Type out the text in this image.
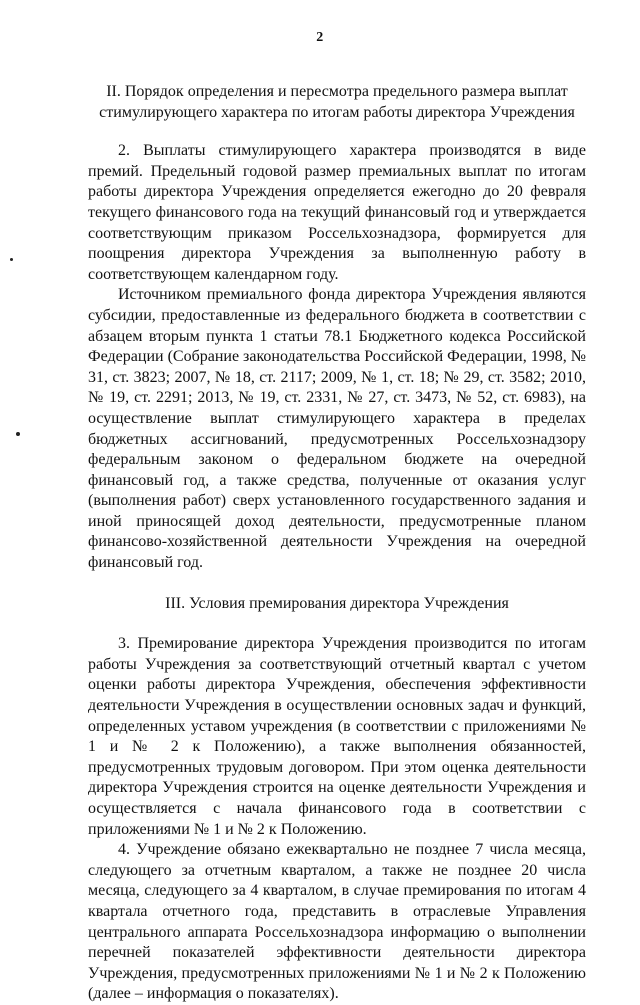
2

II. Порядок определения и пересмотра предельного размера выплат стимулирующего характера по итогам работы директора Учреждения

2. Выплаты стимулирующего характера производятся в виде премий. Предельный годовой размер премиальных выплат по итогам работы директора Учреждения определяется ежегодно до 20 февраля текущего финансового года на текущий финансовый год и утверждается соответствующим приказом Россельхознадзора, формируется для поощрения директора Учреждения за выполненную работу в соответствующем календарном году.

Источником премиального фонда директора Учреждения являются субсидии, предоставленные из федерального бюджета в соответствии с абзацем вторым пункта 1 статьи 78.1 Бюджетного кодекса Российской Федерации (Собрание законодательства Российской Федерации, 1998, № 31, ст. 3823; 2007, № 18, ст. 2117; 2009, № 1, ст. 18; № 29, ст. 3582; 2010, № 19, ст. 2291; 2013, № 19, ст. 2331, № 27, ст. 3473, № 52, ст. 6983), на осуществление выплат стимулирующего характера в пределах бюджетных ассигнований, предусмотренных Россельхознадзору федеральным законом о федеральном бюджете на очередной финансовый год, а также средства, полученные от оказания услуг (выполнения работ) сверх установленного государственного задания и иной приносящей доход деятельности, предусмотренные планом финансово-хозяйственной деятельности Учреждения на очередной финансовый год.

III. Условия премирования директора Учреждения

3. Премирование директора Учреждения производится по итогам работы Учреждения за соответствующий отчетный квартал с учетом оценки работы директора Учреждения, обеспечения эффективности деятельности Учреждения в осуществлении основных задач и функций, определенных уставом учреждения (в соответствии с приложениями № 1 и № 2 к Положению), а также выполнения обязанностей, предусмотренных трудовым договором. При этом оценка деятельности директора Учреждения строится на оценке деятельности Учреждения и осуществляется с начала финансового года в соответствии с приложениями № 1 и № 2 к Положению.

4. Учреждение обязано ежеквартально не позднее 7 числа месяца, следующего за отчетным кварталом, а также не позднее 20 числа месяца, следующего за 4 кварталом, в случае премирования по итогам 4 квартала отчетного года, представить в отраслевые Управления центрального аппарата Россельхознадзора информацию о выполнении перечней показателей эффективности деятельности директора Учреждения, предусмотренных приложениями № 1 и № 2 к Положению (далее – информация о показателях).
